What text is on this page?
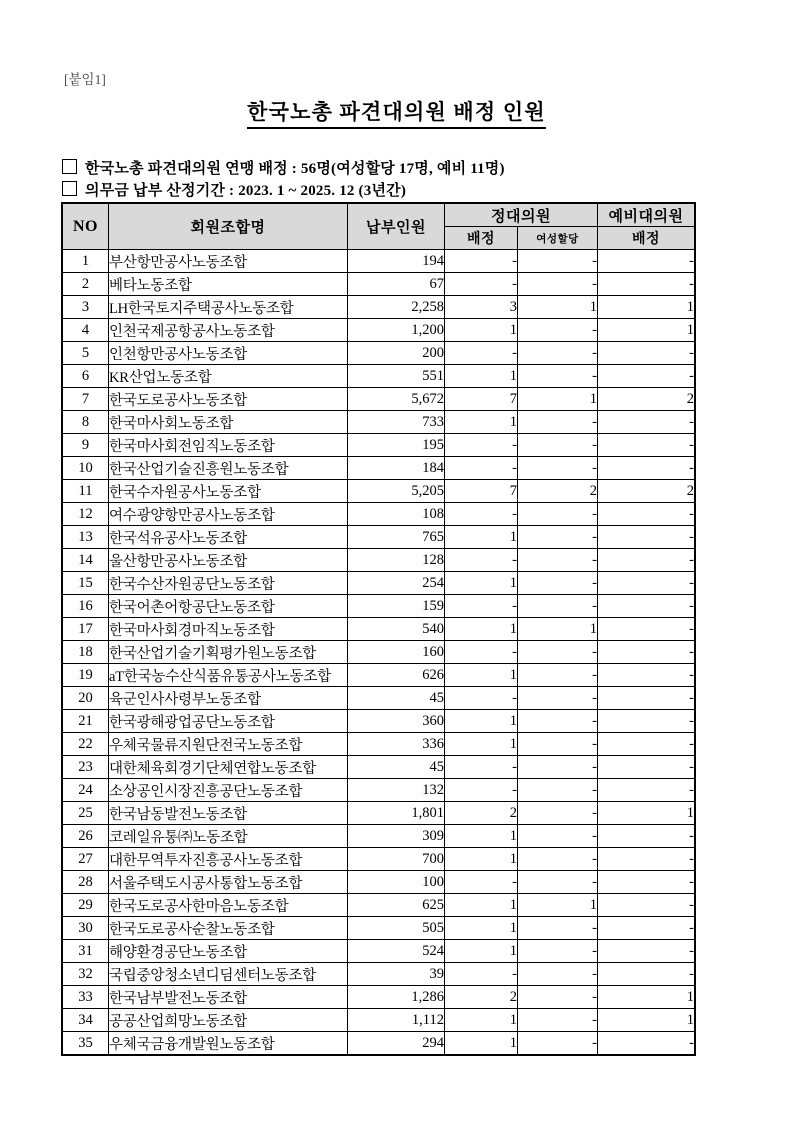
[붙임1]
한국노총 파견대의원 배정 인원
한국노총 파견대의원 연맹 배정 : 56명(여성할당 17명, 예비 11명)
의무금 납부 산정기간 : 2023. 1 ~ 2025. 12 (3년간)
NO	회원조합명	납부인원	정대의원		예비대의원
			배정	여성할당	배정
1	부산항만공사노동조합	194	-	-	-
2	베타노동조합	67	-	-	-
3	LH한국토지주택공사노동조합	2,258	3	1	1
4	인천국제공항공사노동조합	1,200	1	-	1
5	인천항만공사노동조합	200	-	-	-
6	KR산업노동조합	551	1	-	-
7	한국도로공사노동조합	5,672	7	1	2
8	한국마사회노동조합	733	1	-	-
9	한국마사회전임직노동조합	195	-	-	-
10	한국산업기술진흥원노동조합	184	-	-	-
11	한국수자원공사노동조합	5,205	7	2	2
12	여수광양항만공사노동조합	108	-	-	-
13	한국석유공사노동조합	765	1	-	-
14	울산항만공사노동조합	128	-	-	-
15	한국수산자원공단노동조합	254	1	-	-
16	한국어촌어항공단노동조합	159	-	-	-
17	한국마사회경마직노동조합	540	1	1	-
18	한국산업기술기획평가원노동조합	160	-	-	-
19	aT한국농수산식품유통공사노동조합	626	1	-	-
20	육군인사사령부노동조합	45	-	-	-
21	한국광해광업공단노동조합	360	1	-	-
22	우체국물류지원단전국노동조합	336	1	-	-
23	대한체육회경기단체연합노동조합	45	-	-	-
24	소상공인시장진흥공단노동조합	132	-	-	-
25	한국남동발전노동조합	1,801	2	-	1
26	코레일유통㈜노동조합	309	1	-	-
27	대한무역투자진흥공사노동조합	700	1	-	-
28	서울주택도시공사통합노동조합	100	-	-	-
29	한국도로공사한마음노동조합	625	1	1	-
30	한국도로공사순찰노동조합	505	1	-	-
31	해양환경공단노동조합	524	1	-	-
32	국립중앙청소년디딤센터노동조합	39	-	-	-
33	한국남부발전노동조합	1,286	2	-	1
34	공공산업희망노동조합	1,112	1	-	1
35	우체국금융개발원노동조합	294	1	-	-
